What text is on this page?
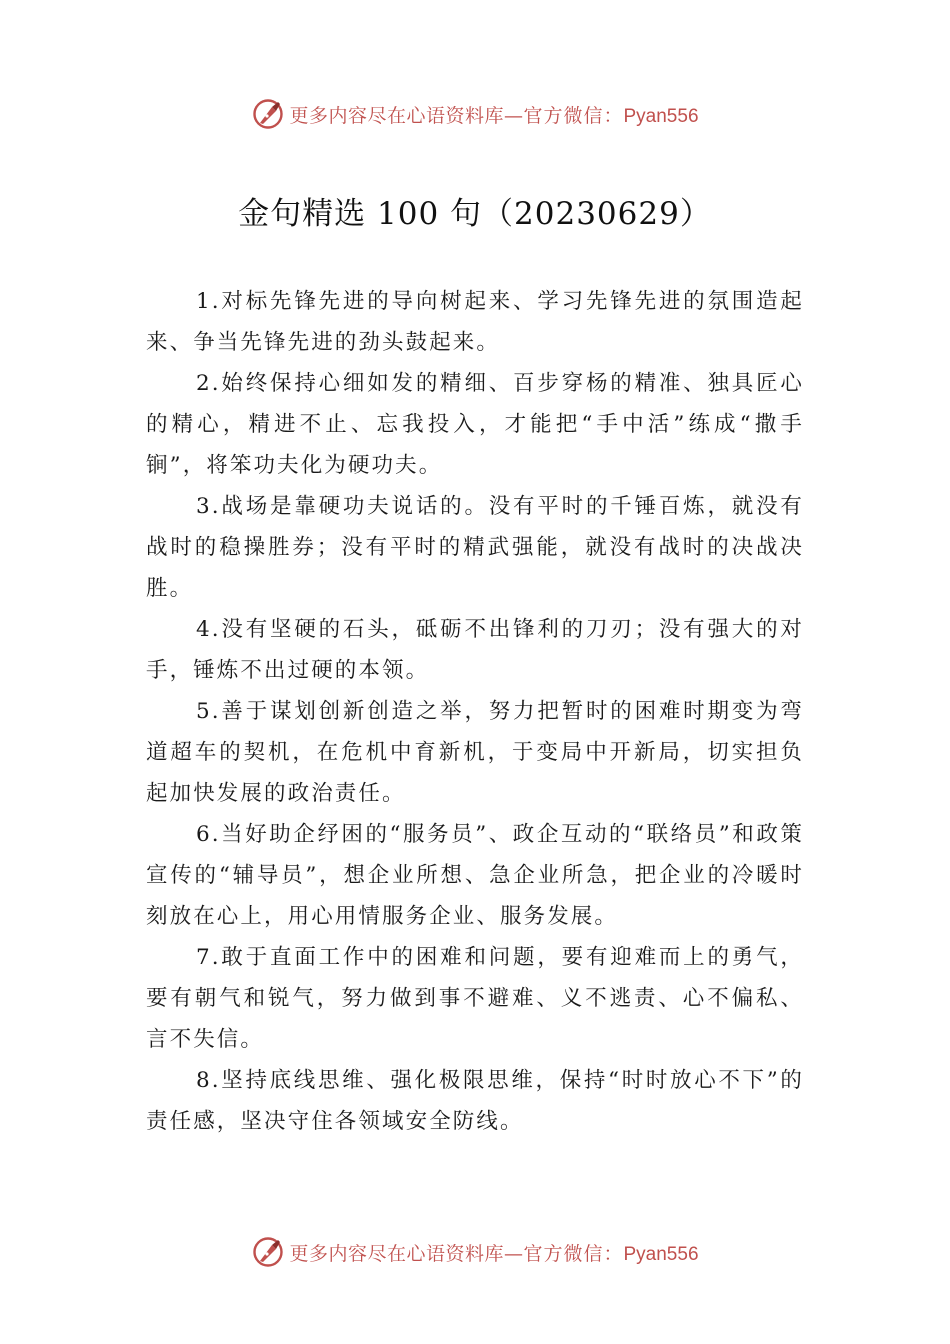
更多内容尽在心语资料库—官方微信：Pyan556
金句精选 100 句（20230629）

1.对标先锋先进的导向树起来、学习先锋先进的氛围造起来、争当先锋先进的劲头鼓起来。

2.始终保持心细如发的精细、百步穿杨的精准、独具匠心的精心，精进不止、忘我投入，才能把“手中活”练成“撒手锏”，将笨功夫化为硬功夫。

3.战场是靠硬功夫说话的。没有平时的千锤百炼，就没有战时的稳操胜券；没有平时的精武强能，就没有战时的决战决胜。

4.没有坚硬的石头，砥砺不出锋利的刀刃；没有强大的对手，锤炼不出过硬的本领。

5.善于谋划创新创造之举，努力把暂时的困难时期变为弯道超车的契机，在危机中育新机，于变局中开新局，切实担负起加快发展的政治责任。

6.当好助企纾困的“服务员”、政企互动的“联络员”和政策宣传的“辅导员”，想企业所想、急企业所急，把企业的冷暖时刻放在心上，用心用情服务企业、服务发展。

7.敢于直面工作中的困难和问题，要有迎难而上的勇气，要有朝气和锐气，努力做到事不避难、义不逃责、心不偏私、言不失信。

8.坚持底线思维、强化极限思维，保持“时时放心不下”的责任感，坚决守住各领域安全防线。

更多内容尽在心语资料库—官方微信：Pyan556
